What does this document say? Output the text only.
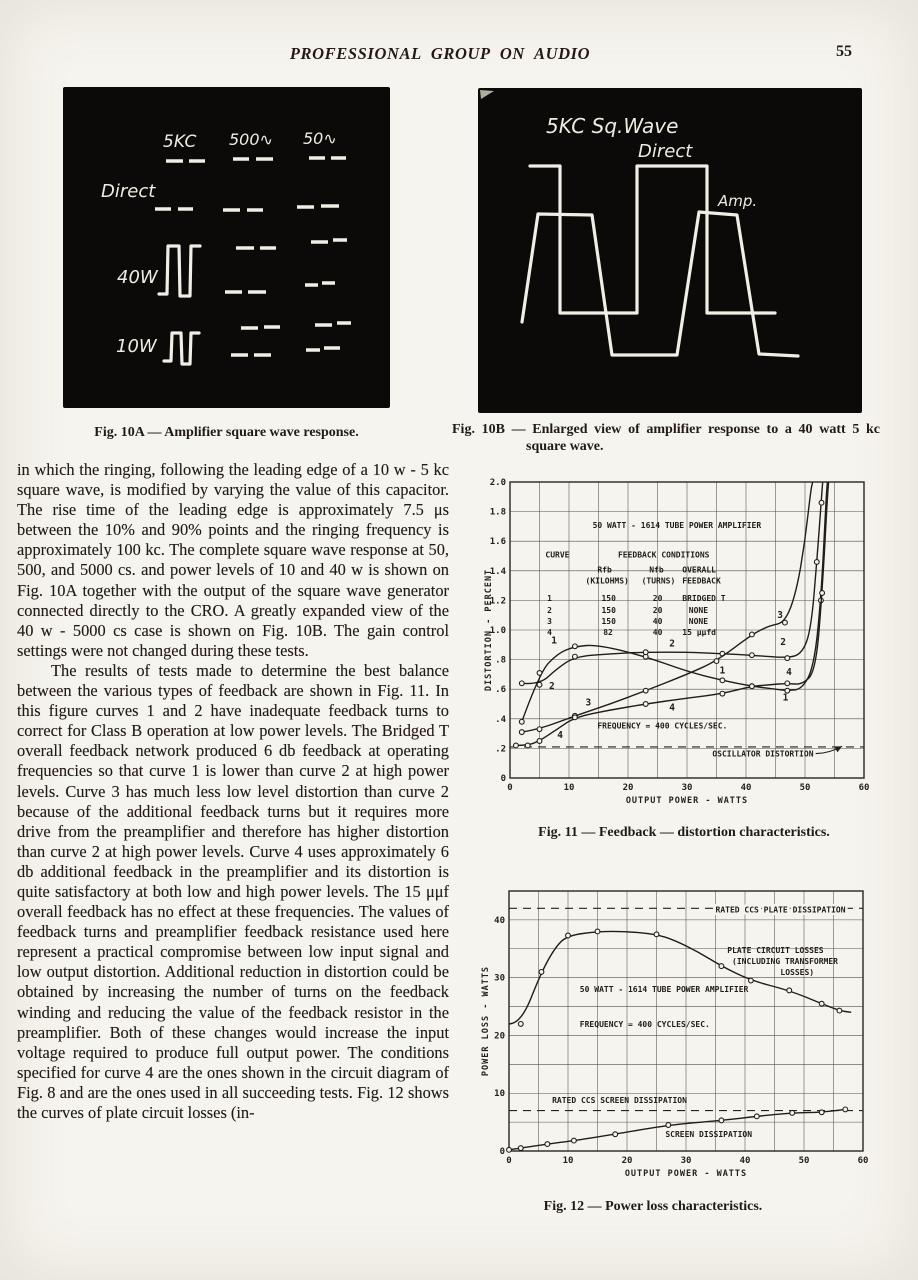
PROFESSIONAL GROUP ON AUDIO	55
5KC 500∿ 50∿
Direct
40W
10W
5KC Sq.Wave
Direct
Amp.
Fig. 10A — Amplifier square wave response.	Fig. 10B — Enlarged view of amplifier response to a 40 watt 5 kc square wave.

in which the ringing, following the leading edge of a 10 w - 5 kc square wave, is modified by varying the value of this capacitor. The rise time of the leading edge is approximately 7.5 μs between the 10% and 90% points and the ringing frequency is approximately 100 kc. The complete square wave response at 50, 500, and 5000 cs. and power levels of 10 and 40 w is shown on Fig. 10A together with the output of the square wave generator connected directly to the CRO. A greatly expanded view of the 40 w - 5000 cs case is shown on Fig. 10B. The gain control settings were not changed during these tests.

The results of tests made to determine the best balance between the various types of feedback are shown in Fig. 11. In this figure curves 1 and 2 have inadequate feedback turns to correct for Class B operation at low power levels. The Bridged T overall feedback network produced 6 db feedback at operating frequencies so that curve 1 is lower than curve 2 at high power levels. Curve 3 has much less low level distortion than curve 2 because of the additional feedback turns but it requires more drive from the preamplifier and therefore has higher distortion than curve 2 at high power levels. Curve 4 uses approximately 6 db additional feedback in the preamplifier and its distortion is quite satisfactory at both low and high power levels. The 15 μμf overall feedback has no effect at these frequencies. The values of feedback turns and preamplifier feedback resistance used here represent a practical compromise between low input signal and low output distortion. Additional reduction in distortion could be obtained by increasing the number of turns on the feedback winding and reducing the value of the feedback resistor in the preamplifier. Both of these changes would increase the input voltage required to produce full output power. The conditions specified for curve 4 are the ones shown in the circuit diagram of Fig. 8 and are the ones used in all succeeding tests. Fig. 12 shows the curves of plate circuit losses (in-

0	10	20	30	40	50	60
0
.2
.4
.6
.8
1.0
1.2
1.4
1.6
1.8
2.0
OUTPUT POWER - WATTS
DISTORTION - PERCENT	1
2
4
3
2
4
1
3
2
4
1
50 WATT - 1614 TUBE POWER AMPLIFIER
CURVE	FEEDBACK CONDITIONS
Rfb
(KILOHMS)
Nfb
(TURNS)
OVERALL
FEEDBACK
1	150	20 BRIDGED T
2	150	20	NONE
3	150	40	NONE
4	82	40 15 μμfd
FREQUENCY = 400 CYCLES/SEC.
OSCILLATOR DISTORTION
Fig. 11 — Feedback — distortion characteristics.
0	10	20	30	40	50	60
0
10
20
30
40
OUTPUT POWER - WATTS
POWER LOSS - WATTS
RATED CCS PLATE DISSIPATION
PLATE CIRCUIT LOSSES
(INCLUDING TRANSFORMER
LOSSES)
50 WATT - 1614 TUBE POWER AMPLIFIER
FREQUENCY = 400 CYCLES/SEC.
RATED CCS SCREEN DISSIPATION
SCREEN DISSIPATION
Fig. 12 — Power loss characteristics.
